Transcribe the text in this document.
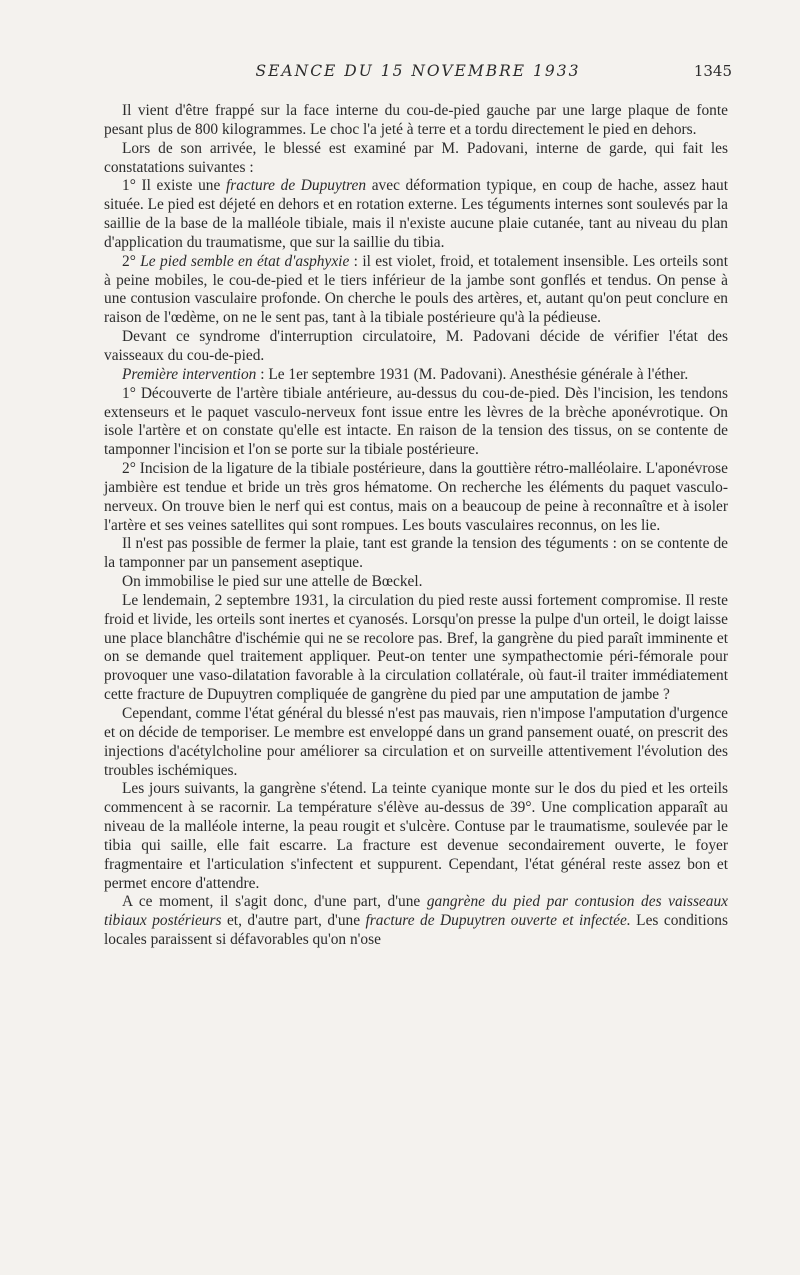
SEANCE DU 15 NOVEMBRE 1933	1345

Il vient d'être frappé sur la face interne du cou-de-pied gauche par une large plaque de fonte pesant plus de 800 kilogrammes. Le choc l'a jeté à terre et a tordu directement le pied en dehors.

Lors de son arrivée, le blessé est examiné par M. Padovani, interne de garde, qui fait les constatations suivantes :

1° Il existe une fracture de Dupuytren avec déformation typique, en coup de hache, assez haut située. Le pied est déjeté en dehors et en rotation externe. Les téguments internes sont soulevés par la saillie de la base de la malléole tibiale, mais il n'existe aucune plaie cutanée, tant au niveau du plan d'application du traumatisme, que sur la saillie du tibia.

2° Le pied semble en état d'asphyxie : il est violet, froid, et totalement insensible. Les orteils sont à peine mobiles, le cou-de-pied et le tiers inférieur de la jambe sont gonflés et tendus. On pense à une contusion vasculaire profonde. On cherche le pouls des artères, et, autant qu'on peut conclure en raison de l'œdème, on ne le sent pas, tant à la tibiale postérieure qu'à la pédieuse.

Devant ce syndrome d'interruption circulatoire, M. Padovani décide de vérifier l'état des vaisseaux du cou-de-pied.

Première intervention : Le 1er septembre 1931 (M. Padovani). Anesthésie générale à l'éther.

1° Découverte de l'artère tibiale antérieure, au-dessus du cou-de-pied. Dès l'incision, les tendons extenseurs et le paquet vasculo-nerveux font issue entre les lèvres de la brèche aponévrotique. On isole l'artère et on constate qu'elle est intacte. En raison de la tension des tissus, on se contente de tamponner l'incision et l'on se porte sur la tibiale postérieure.

2° Incision de la ligature de la tibiale postérieure, dans la gouttière rétro-malléolaire. L'aponévrose jambière est tendue et bride un très gros hématome. On recherche les éléments du paquet vasculo-nerveux. On trouve bien le nerf qui est contus, mais on a beaucoup de peine à reconnaître et à isoler l'artère et ses veines satellites qui sont rompues. Les bouts vasculaires reconnus, on les lie.

Il n'est pas possible de fermer la plaie, tant est grande la tension des téguments : on se contente de la tamponner par un pansement aseptique.

On immobilise le pied sur une attelle de Bœckel.

Le lendemain, 2 septembre 1931, la circulation du pied reste aussi fortement compromise. Il reste froid et livide, les orteils sont inertes et cyanosés. Lorsqu'on presse la pulpe d'un orteil, le doigt laisse une place blanchâtre d'ischémie qui ne se recolore pas. Bref, la gangrène du pied paraît imminente et on se demande quel traitement appliquer. Peut-on tenter une sympathectomie péri-fémorale pour provoquer une vaso-dilatation favorable à la circulation collatérale, où faut-il traiter immédiatement cette fracture de Dupuytren compliquée de gangrène du pied par une amputation de jambe ?

Cependant, comme l'état général du blessé n'est pas mauvais, rien n'impose l'amputation d'urgence et on décide de temporiser. Le membre est enveloppé dans un grand pansement ouaté, on prescrit des injections d'acétylcholine pour améliorer sa circulation et on surveille attentivement l'évolution des troubles ischémiques.

Les jours suivants, la gangrène s'étend. La teinte cyanique monte sur le dos du pied et les orteils commencent à se racornir. La température s'élève au-dessus de 39°. Une complication apparaît au niveau de la malléole interne, la peau rougit et s'ulcère. Contuse par le traumatisme, soulevée par le tibia qui saille, elle fait escarre. La fracture est devenue secondairement ouverte, le foyer fragmentaire et l'articulation s'infectent et suppurent. Cependant, l'état général reste assez bon et permet encore d'attendre.

A ce moment, il s'agit donc, d'une part, d'une gangrène du pied par contusion des vaisseaux tibiaux postérieurs et, d'autre part, d'une fracture de Dupuytren ouverte et infectée. Les conditions locales paraissent si défavorables qu'on n'ose
